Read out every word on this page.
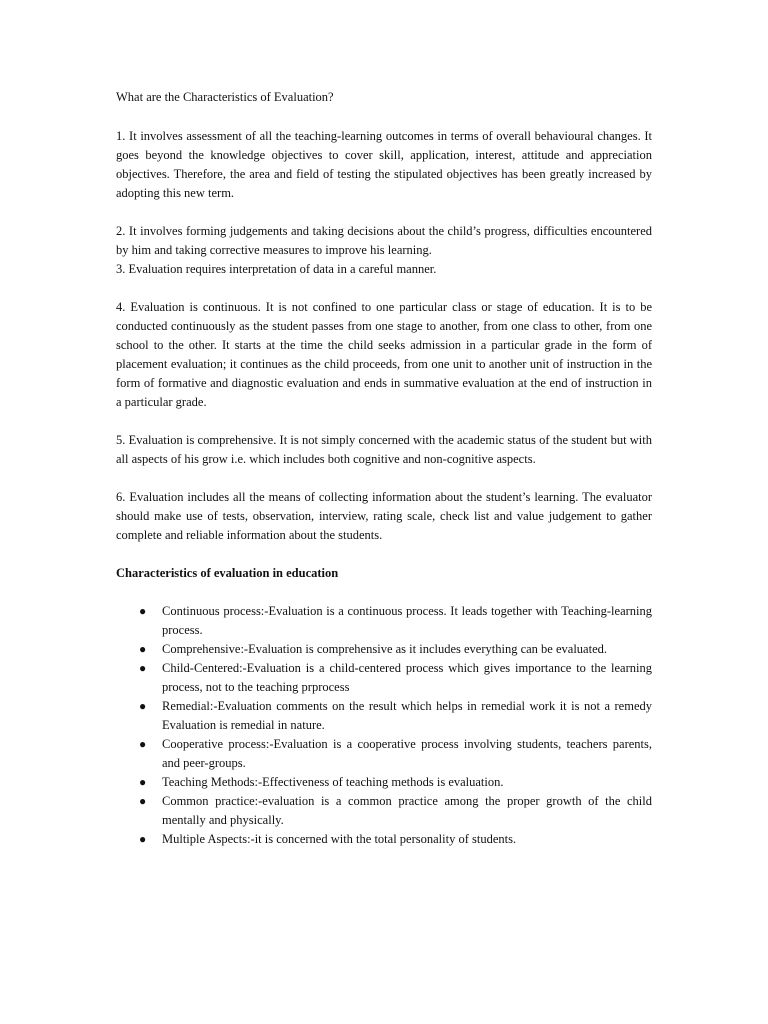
What are the Characteristics of Evaluation?

1. It involves assessment of all the teaching-learning outcomes in terms of overall behavioural changes. It goes beyond the knowledge objectives to cover skill, application, interest, attitude and appreciation objectives. Therefore, the area and field of testing the stipulated objectives has been greatly increased by adopting this new term.

2. It involves forming judgements and taking decisions about the child’s progress, difficulties encountered by him and taking corrective measures to improve his learning.

3. Evaluation requires interpretation of data in a careful manner.

4. Evaluation is continuous. It is not confined to one particular class or stage of education. It is to be conducted continuously as the student passes from one stage to another, from one class to other, from one school to the other. It starts at the time the child seeks admission in a particular grade in the form of placement evaluation; it continues as the child proceeds, from one unit to another unit of instruction in the form of formative and diagnostic evaluation and ends in summative evaluation at the end of instruction in a particular grade.

5. Evaluation is comprehensive. It is not simply concerned with the academic status of the student but with all aspects of his grow i.e. which includes both cognitive and non-cognitive aspects.

6. Evaluation includes all the means of collecting information about the student’s learning. The evaluator should make use of tests, observation, interview, rating scale, check list and value judgement to gather complete and reliable information about the students.

Characteristics of evaluation in education

● Continuous process:-Evaluation is a continuous process. It leads together with Teaching-learning process.
● Comprehensive:-Evaluation is comprehensive as it includes everything can be evaluated.
● Child-Centered:-Evaluation is a child-centered process which gives importance to the learning process, not to the teaching prprocess
● Remedial:-Evaluation comments on the result which helps in remedial work it is not a remedy Evaluation is remedial in nature.
● Cooperative process:-Evaluation is a cooperative process involving students, teachers parents, and peer-groups.
● Teaching Methods:-Effectiveness of teaching methods is evaluation.
● Common practice:-evaluation is a common practice among the proper growth of the child mentally and physically.
● Multiple Aspects:-it is concerned with the total personality of students.
